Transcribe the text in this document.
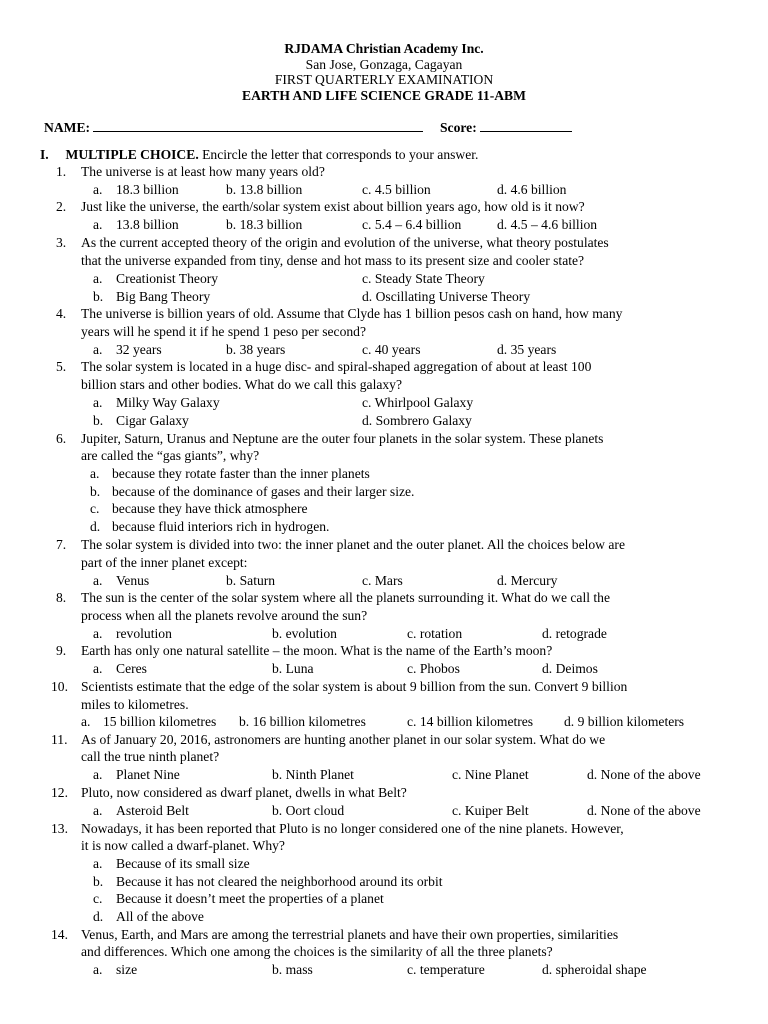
RJDAMA Christian Academy Inc.
San Jose, Gonzaga, Cagayan
FIRST QUARTERLY EXAMINATION
EARTH AND LIFE SCIENCE GRADE 11-ABM
NAME:	Score:
I. MULTIPLE CHOICE. Encircle the letter that corresponds to your answer.
1. The universe is at least how many years old?
a. 18.3 billion	b. 13.8 billion	c. 4.5 billion	d. 4.6 billion
2. Just like the universe, the earth/solar system exist about billion years ago, how old is it now?
a. 13.8 billion	b. 18.3 billion	c. 5.4 – 6.4 billion	d. 4.5 – 4.6 billion
3. As the current accepted theory of the origin and evolution of the universe, what theory postulates
that the universe expanded from tiny, dense and hot mass to its present size and cooler state?
a. Creationist Theory	c. Steady State Theory
b. Big Bang Theory	d. Oscillating Universe Theory
4. The universe is billion years of old. Assume that Clyde has 1 billion pesos cash on hand, how many
years will he spend it if he spend 1 peso per second?
a. 32 years	b. 38 years	c. 40 years	d. 35 years
5. The solar system is located in a huge disc- and spiral-shaped aggregation of about at least 100
billion stars and other bodies. What do we call this galaxy?
a. Milky Way Galaxy	c. Whirlpool Galaxy
b. Cigar Galaxy	d. Sombrero Galaxy
6. Jupiter, Saturn, Uranus and Neptune are the outer four planets in the solar system. These planets
are called the “gas giants”, why?
a. because they rotate faster than the inner planets
b. because of the dominance of gases and their larger size.
c. because they have thick atmosphere
d. because fluid interiors rich in hydrogen.
7. The solar system is divided into two: the inner planet and the outer planet. All the choices below are
part of the inner planet except:
a. Venus	b. Saturn	c. Mars	d. Mercury
8. The sun is the center of the solar system where all the planets surrounding it. What do we call the
process when all the planets revolve around the sun?
a. revolution	b. evolution	c. rotation	d. retograde
9. Earth has only one natural satellite – the moon. What is the name of the Earth’s moon?
a. Ceres	b. Luna	c. Phobos	d. Deimos
10. Scientists estimate that the edge of the solar system is about 9 billion from the sun. Convert 9 billion
miles to kilometres.
a. 15 billion kilometres b. 16 billion kilometres	c. 14 billion kilometres d. 9 billion kilometers
11. As of January 20, 2016, astronomers are hunting another planet in our solar system. What do we
call the true ninth planet?
a. Planet Nine	b. Ninth Planet	c. Nine Planet	d. None of the above
12. Pluto, now considered as dwarf planet, dwells in what Belt?
a. Asteroid Belt	b. Oort cloud	c. Kuiper Belt	d. None of the above
13. Nowadays, it has been reported that Pluto is no longer considered one of the nine planets. However,
it is now called a dwarf-planet. Why?
a. Because of its small size
b. Because it has not cleared the neighborhood around its orbit
c. Because it doesn’t meet the properties of a planet
d. All of the above
14. Venus, Earth, and Mars are among the terrestrial planets and have their own properties, similarities
and differences. Which one among the choices is the similarity of all the three planets?
a. size	b. mass	c. temperature	d. spheroidal shape
